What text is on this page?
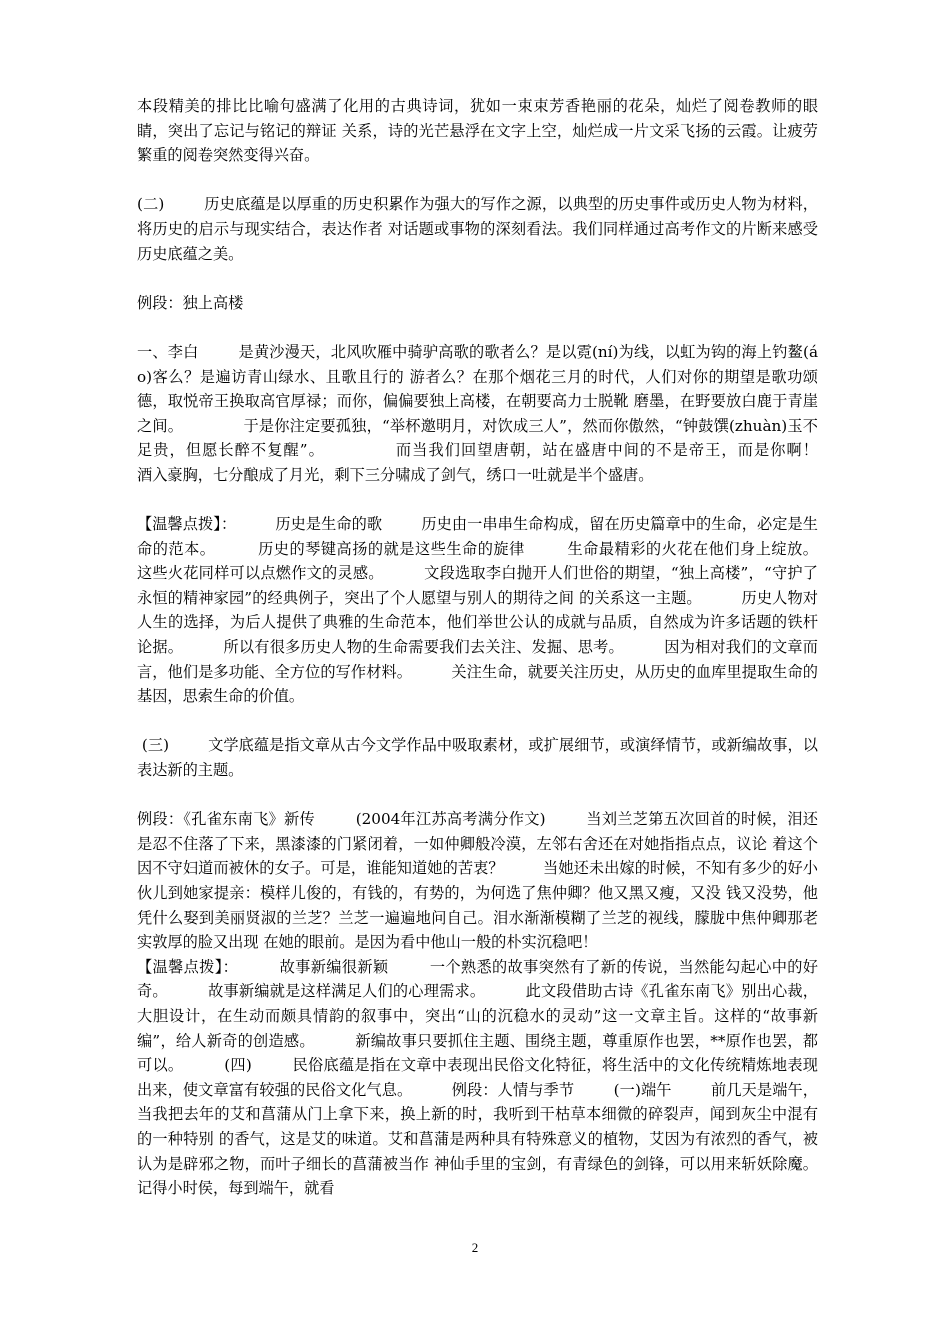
本段精美的排比比喻句盛满了化用的古典诗词，犹如一束束芳香艳丽的花朵，灿烂了阅卷教师的眼睛，突出了忘记与铭记的辩证 关系，诗的光芒悬浮在文字上空，灿烂成一片文采飞扬的云霞。让疲劳繁重的阅卷突然变得兴奋。

(二)        历史底蕴是以厚重的历史积累作为强大的写作之源，以典型的历史事件或历史人物为材料，将历史的启示与现实结合，表达作者 对话题或事物的深刻看法。我们同样通过高考作文的片断来感受历史底蕴之美。

例段：独上高楼

一、李白        是黄沙漫天，北风吹雁中骑驴高歌的歌者么？是以霓(ní)为线，以虹为钩的海上钓鳌(áo)客么？是遍访青山绿水、且歌且行的 游者么？在那个烟花三月的时代，人们对你的期望是歌功颂德，取悦帝王换取高官厚禄；而你，偏偏要独上高楼，在朝要高力士脱靴 磨墨，在野要放白鹿于青崖之间。            于是你注定要孤独，“举杯邀明月，对饮成三人”，然而你傲然，“钟鼓馔(zhuàn)玉不足贵，但愿长醉不复醒”。            而当我们回望唐朝，站在盛唐中间的不是帝王，而是你啊！            酒入豪胸，七分酿成了月光，剩下三分啸成了剑气，绣口一吐就是半个盛唐。

【温馨点拨】：        历史是生命的歌        历史由一串串生命构成，留在历史篇章中的生命，必定是生命的范本。        历史的琴键高扬的就是这些生命的旋律        生命最精彩的火花在他们身上绽放。        这些火花同样可以点燃作文的灵感。        文段选取李白抛开人们世俗的期望，“独上高楼”，“守护了永恒的精神家园”的经典例子，突出了个人愿望与别人的期待之间 的关系这一主题。        历史人物对人生的选择，为后人提供了典雅的生命范本，他们举世公认的成就与品质，自然成为许多话题的铁杆论据。        所以有很多历史人物的生命需要我们去关注、发掘、思考。        因为相对我们的文章而言，他们是多功能、全方位的写作材料。        关注生命，就要关注历史，从历史的血库里提取生命的基因，思索生命的价值。

(三)        文学底蕴是指文章从古今文学作品中吸取素材，或扩展细节，或演绎情节，或新编故事，以表达新的主题。

例段：《孔雀东南飞》新传        (2004年江苏高考满分作文)        当刘兰芝第五次回首的时候，泪还是忍不住落了下来，黑漆漆的门紧闭着，一如仲卿般冷漠，左邻右舍还在对她指指点点，议论 着这个因不守妇道而被休的女子。可是，谁能知道她的苦衷？        当她还未出嫁的时候，不知有多少的好小伙儿到她家提亲：模样儿俊的，有钱的，有势的，为何选了焦仲卿？他又黑又瘦，又没 钱又没势，他凭什么娶到美丽贤淑的兰芝？兰芝一遍遍地问自己。泪水渐渐模糊了兰芝的视线，朦胧中焦仲卿那老实敦厚的脸又出现 在她的眼前。是因为看中他山一般的朴实沉稳吧！

【温馨点拨】：        故事新编很新颖        一个熟悉的故事突然有了新的传说，当然能勾起心中的好奇。        故事新编就是这样满足人们的心理需求。        此文段借助古诗《孔雀东南飞》别出心裁，大胆设计，在生动而颇具情韵的叙事中，突出“山的沉稳水的灵动”这一文章主旨。这样的“故事新编”，给人新奇的创造感。        新编故事只要抓住主题、围绕主题，尊重原作也罢，**原作也罢，都可以。        (四)        民俗底蕴是指在文章中表现出民俗文化特征，将生活中的文化传统精炼地表现出来，使文章富有较强的民俗文化气息。        例段：人情与季节        (一)端午        前几天是端午，当我把去年的艾和菖蒲从门上拿下来，换上新的时，我听到干枯草本细微的碎裂声，闻到灰尘中混有的一种特别 的香气，这是艾的味道。艾和菖蒲是两种具有特殊意义的植物，艾因为有浓烈的香气，被认为是辟邪之物，而叶子细长的菖蒲被当作 神仙手里的宝剑，有青绿色的剑锋，可以用来斩妖除魔。记得小时侯，每到端午，就看

2
